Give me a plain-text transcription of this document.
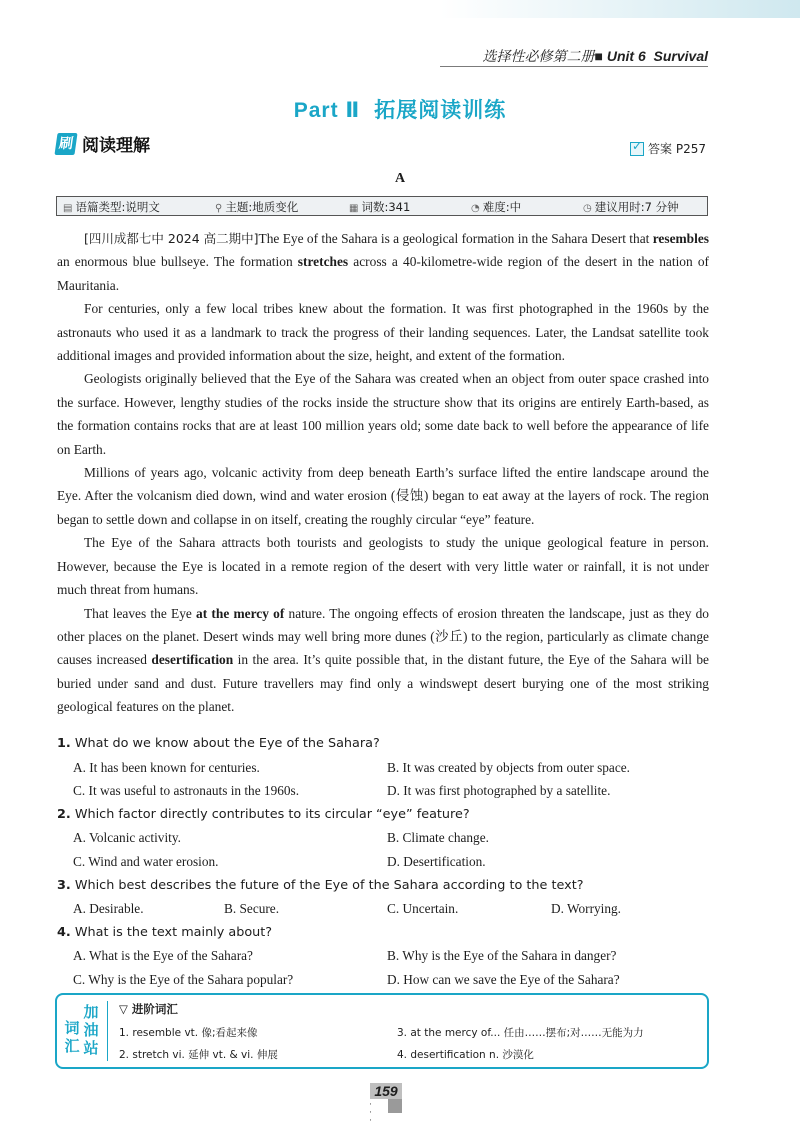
选择性必修第二册■ Unit 6 Survival
Part Ⅱ 拓展阅读训练
刷 阅读理解
✓	答案 P257
A
▤ 语篇类型:说明文	⚲ 主题:地质变化	▦ 词数:341	◔ 难度:中	◷ 建议用时:7 分钟

[四川成都七中 2024 高二期中]The Eye of the Sahara is a geological formation in the Sahara Desert that resembles an enormous blue bullseye. The formation stretches across a 40-kilometre-wide region of the desert in the nation of Mauritania.

For centuries, only a few local tribes knew about the formation. It was first photographed in the 1960s by the astronauts who used it as a landmark to track the progress of their landing sequences. Later, the Landsat satellite took additional images and provided information about the size, height, and extent of the formation.

Geologists originally believed that the Eye of the Sahara was created when an object from outer space crashed into the surface. However, lengthy studies of the rocks inside the structure show that its origins are entirely Earth-based, as the formation contains rocks that are at least 100 million years old; some date back to well before the appearance of life on Earth.

Millions of years ago, volcanic activity from deep beneath Earth’s surface lifted the entire landscape around the Eye. After the volcanism died down, wind and water erosion (侵蚀) began to eat away at the layers of rock. The region began to settle down and collapse in on itself, creating the roughly circular “eye” feature.

The Eye of the Sahara attracts both tourists and geologists to study the unique geological feature in person. However, because the Eye is located in a remote region of the desert with very little water or rainfall, it is not under much threat from humans.

That leaves the Eye at the mercy of nature. The ongoing effects of erosion threaten the landscape, just as they do other places on the planet. Desert winds may well bring more dunes (沙丘) to the region, particularly as climate change causes increased desertification in the area. It’s quite possible that, in the distant future, the Eye of the Sahara will be buried under sand and dust. Future travellers may find only a windswept desert burying one of the most striking geological features on the planet.

1. What do we know about the Eye of the Sahara?
A. It has been known for centuries.	B. It was created by objects from outer space.
C. It was useful to astronauts in the 1960s.	D. It was first photographed by a satellite.
2. Which factor directly contributes to its circular “eye” feature?
A. Volcanic activity.	B. Climate change.
C. Wind and water erosion.	D. Desertification.
3. Which best describes the future of the Eye of the Sahara according to the text?
A. Desirable.	B. Secure.	C. Uncertain.	D. Worrying.
4. What is the text mainly about?
A. What is the Eye of the Sahara?	B. Why is the Eye of the Sahara in danger?
C. Why is the Eye of the Sahara popular?	D. How can we save the Eye of the Sahara?
词汇
加油站
▽ 进阶词汇
1. resemble vt. 像;看起来像	3. at the mercy of... 任由……摆布;对……无能为力
2. stretch vi. 延伸 vt. & vi. 伸展	4. desertification n. 沙漠化
159
·
·
·
